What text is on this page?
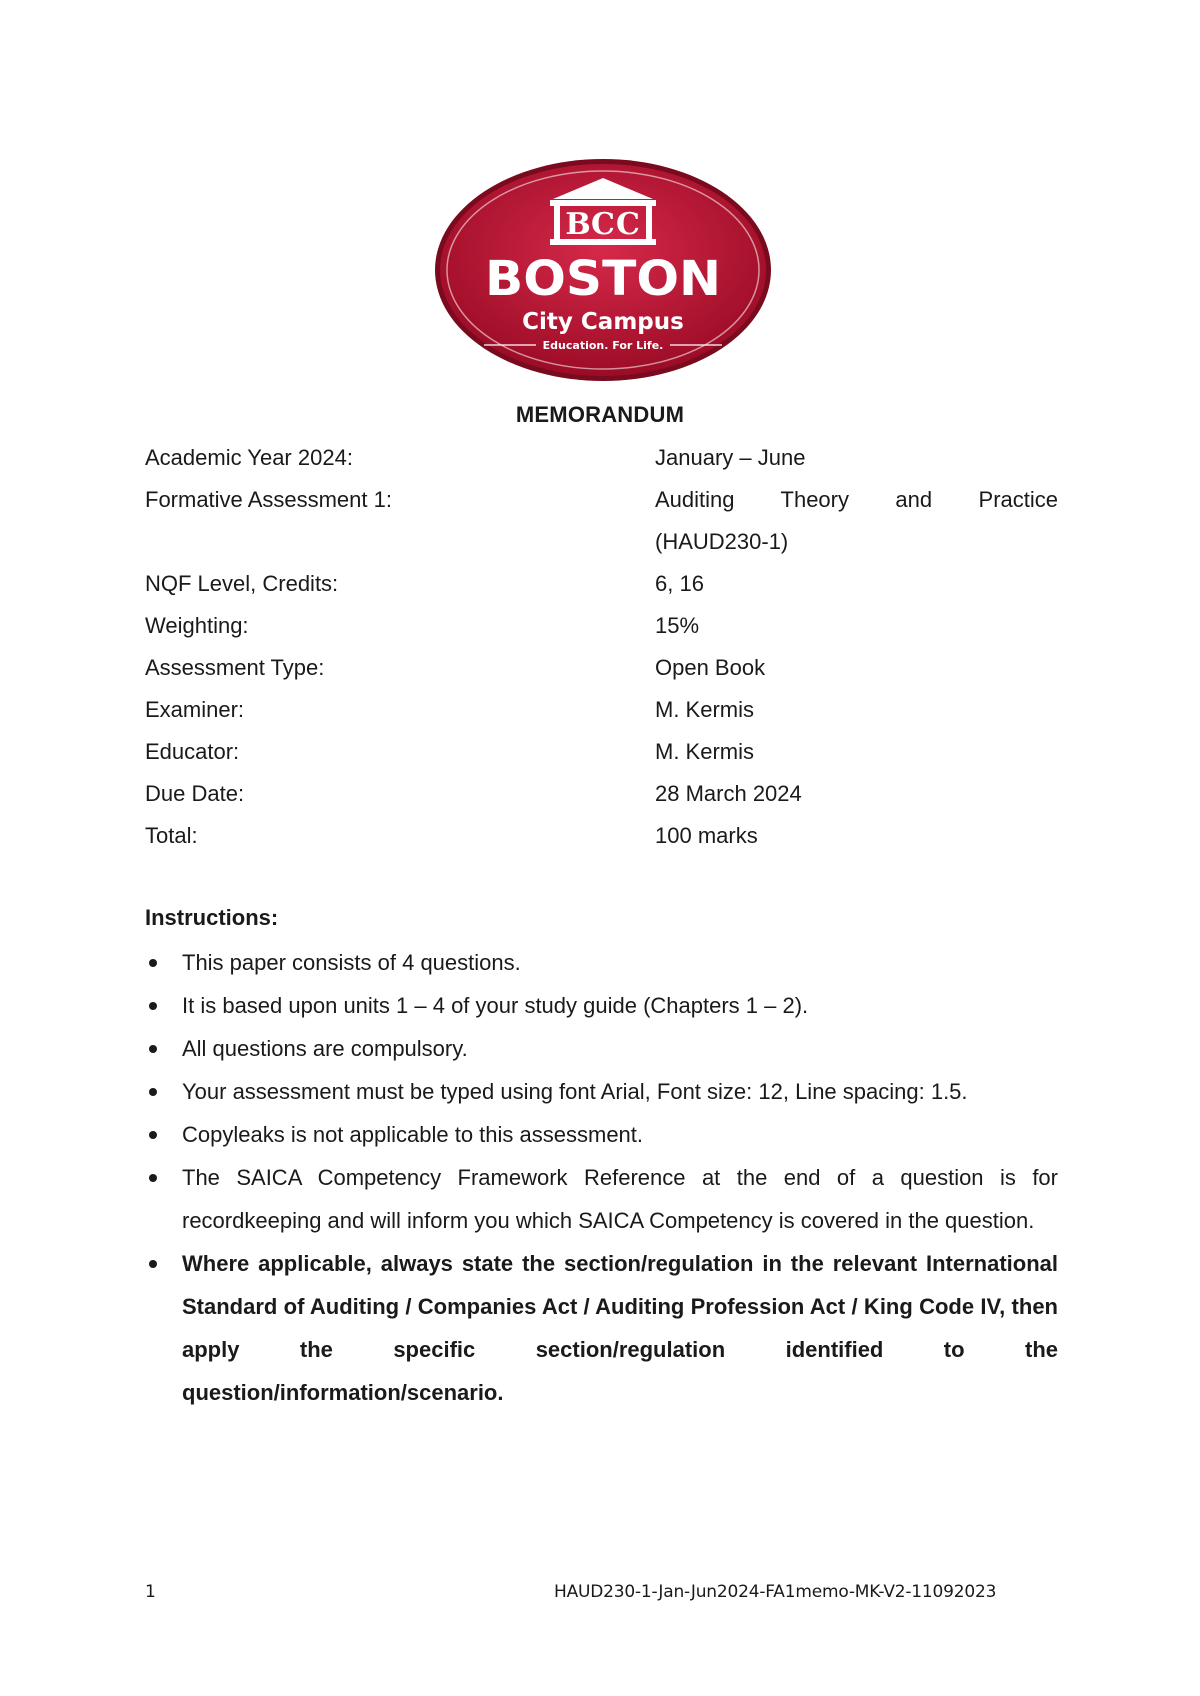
B C C
BOSTON
City Campus
Education. For Life.
MEMORANDUM
Academic Year 2024:	January – June
Formative Assessment 1:	Auditing Theory and Practice
(HAUD230-1)
NQF Level, Credits:	6, 16
Weighting:	15%
Assessment Type:	Open Book
Examiner:	M. Kermis
Educator:	M. Kermis
Due Date:	28 March 2024
Total:	100 marks
Instructions:
This paper consists of 4 questions.
It is based upon units 1 – 4 of your study guide (Chapters 1 – 2).
All questions are compulsory.
Your assessment must be typed using font Arial, Font size: 12, Line spacing: 1.5.
Copyleaks is not applicable to this assessment.
The SAICA Competency Framework Reference at the end of a question is for recordkeeping and will inform you which SAICA Competency is covered in the question.
Where applicable, always state the section/regulation in the relevant International Standard of Auditing / Companies Act / Auditing Profession Act / King Code IV, then apply the specific section/regulation identified to the question/information/scenario.
1	HAUD230-1-Jan-Jun2024-FA1memo-MK-V2-11092023
